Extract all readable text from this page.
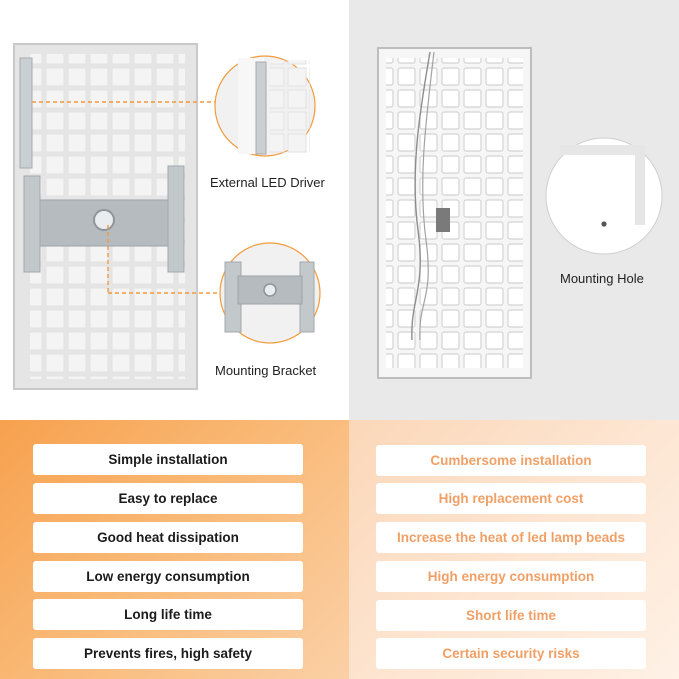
External LED Driver
Mounting Bracket
Mounting Hole
Simple installation
Easy to replace
Good heat dissipation
Low energy consumption
Long life time
Prevents fires, high safety
Cumbersome installation
High replacement cost
Increase the heat of led lamp beads
High energy consumption
Short life time
Certain security risks
